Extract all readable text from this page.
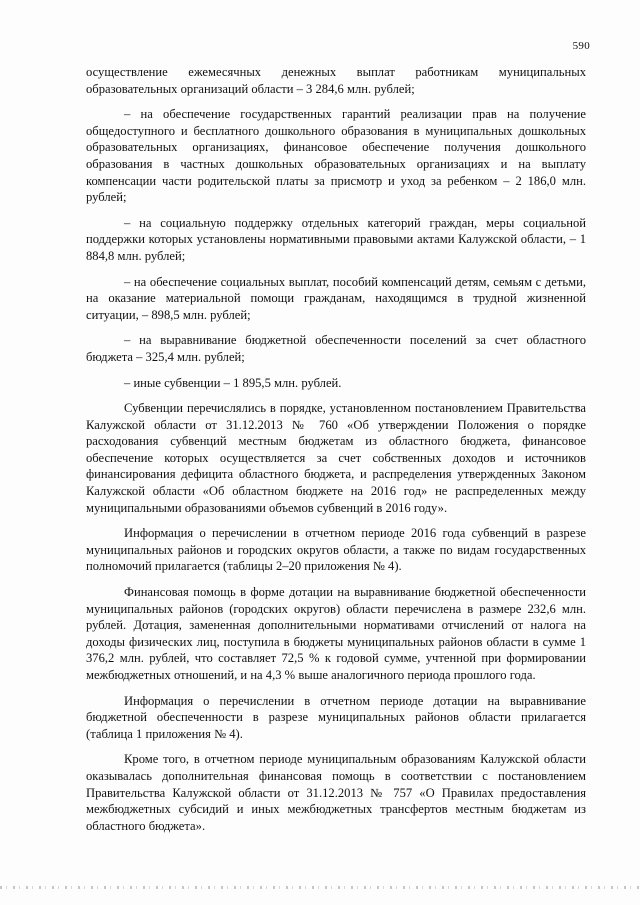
590

осуществление ежемесячных денежных выплат работникам муниципальных образовательных организаций области – 3 284,6 млн. рублей;

– на обеспечение государственных гарантий реализации прав на получение общедоступного и бесплатного дошкольного образования в муниципальных дошкольных образовательных организациях, финансовое обеспечение получения дошкольного образования в частных дошкольных образовательных организациях и на выплату компенсации части родительской платы за присмотр и уход за ребенком – 2 186,0 млн. рублей;

– на социальную поддержку отдельных категорий граждан, меры социальной поддержки которых установлены нормативными правовыми актами Калужской области, – 1 884,8 млн. рублей;

– на обеспечение социальных выплат, пособий компенсаций детям, семьям с детьми, на оказание материальной помощи гражданам, находящимся в трудной жизненной ситуации, – 898,5 млн. рублей;

– на выравнивание бюджетной обеспеченности поселений за счет областного бюджета – 325,4 млн. рублей;

– иные субвенции – 1 895,5 млн. рублей.

Субвенции перечислялись в порядке, установленном постановлением Правительства Калужской области от 31.12.2013 № 760 «Об утверждении Положения о порядке расходования субвенций местным бюджетам из областного бюджета, финансовое обеспечение которых осуществляется за счет собственных доходов и источников финансирования дефицита областного бюджета, и распределения утвержденных Законом Калужской области «Об областном бюджете на 2016 год» не распределенных между муниципальными образованиями объемов субвенций в 2016 году».

Информация о перечислении в отчетном периоде 2016 года субвенций в разрезе муниципальных районов и городских округов области, а также по видам государственных полномочий прилагается (таблицы 2–20 приложения № 4).

Финансовая помощь в форме дотации на выравнивание бюджетной обеспеченности муниципальных районов (городских округов) области перечислена в размере 232,6 млн. рублей. Дотация, замененная дополнительными нормативами отчислений от налога на доходы физических лиц, поступила в бюджеты муниципальных районов области в сумме 1 376,2 млн. рублей, что составляет 72,5 % к годовой сумме, учтенной при формировании межбюджетных отношений, и на 4,3 % выше аналогичного периода прошлого года.

Информация о перечислении в отчетном периоде дотации на выравнивание бюджетной обеспеченности в разрезе муниципальных районов области прилагается (таблица 1 приложения № 4).

Кроме того, в отчетном периоде муниципальным образованиям Калужской области оказывалась дополнительная финансовая помощь в соответствии с постановлением Правительства Калужской области от 31.12.2013 № 757 «О Правилах предоставления межбюджетных субсидий и иных межбюджетных трансфертов местным бюджетам из областного бюджета».
